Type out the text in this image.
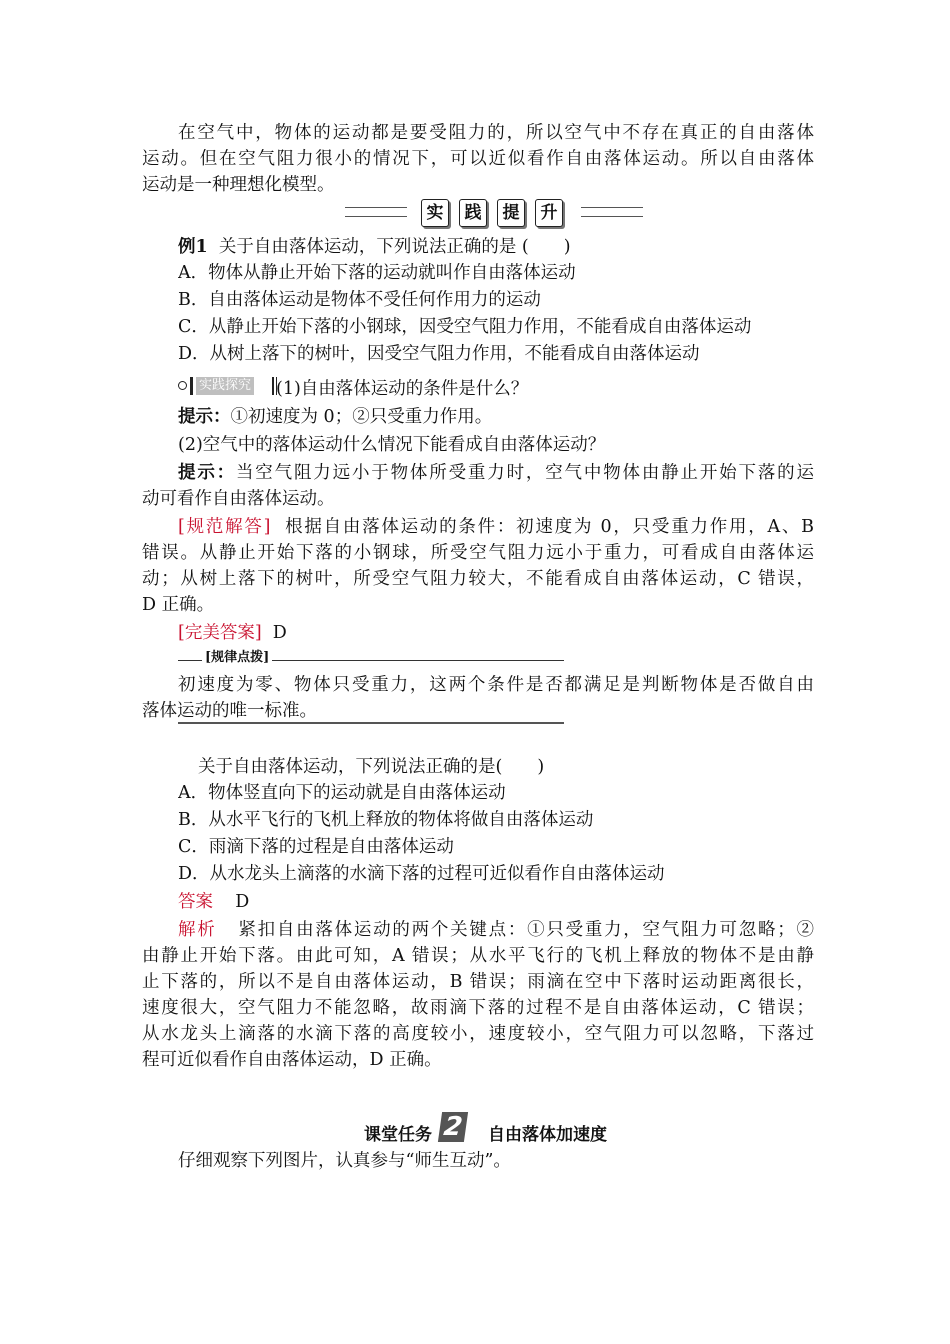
在空气中，物体的运动都是要受阻力的，所以空气中不存在真正的自由落体
运动。但在空气阻力很小的情况下，可以近似看作自由落体运动。所以自由落体
运动是一种理想化模型。
实	践	提	升
例1 关于自由落体运动，下列说法正确的是 (　　)
A．物体从静止开始下落的运动就叫作自由落体运动
B．自由落体运动是物体不受任何作用力的运动
C．从静止开始下落的小钢球，因受空气阻力作用，不能看成自由落体运动
D．从树上落下的树叶，因受空气阻力作用，不能看成自由落体运动
实践探究 (1)自由落体运动的条件是什么？
提示：①初速度为 0；②只受重力作用。
(2)空气中的落体运动什么情况下能看成自由落体运动？
提示：当空气阻力远小于物体所受重力时，空气中物体由静止开始下落的运
动可看作自由落体运动。
[规范解答] 根据自由落体运动的条件：初速度为 0，只受重力作用，A、B
错误。从静止开始下落的小钢球，所受空气阻力远小于重力，可看成自由落体运
动；从树上落下的树叶，所受空气阻力较大，不能看成自由落体运动，C 错误，
D 正确。
[完美答案] D
[规律点拨]
初速度为零、物体只受重力，这两个条件是否都满足是判断物体是否做自由
落体运动的唯一标准。
关于自由落体运动，下列说法正确的是(　　)
A．物体竖直向下的运动就是自由落体运动
B．从水平飞行的飞机上释放的物体将做自由落体运动
C．雨滴下落的过程是自由落体运动
D．从水龙头上滴落的水滴下落的过程可近似看作自由落体运动
答案 D
解析 紧扣自由落体运动的两个关键点：①只受重力，空气阻力可忽略；②
由静止开始下落。由此可知，A 错误；从水平飞行的飞机上释放的物体不是由静
止下落的，所以不是自由落体运动，B 错误；雨滴在空中下落时运动距离很长，
速度很大，空气阻力不能忽略，故雨滴下落的过程不是自由落体运动，C 错误；
从水龙头上滴落的水滴下落的高度较小，速度较小，空气阻力可以忽略，下落过
程可近似看作自由落体运动，D 正确。
课堂任务 2 自由落体加速度
仔细观察下列图片，认真参与“师生互动”。
